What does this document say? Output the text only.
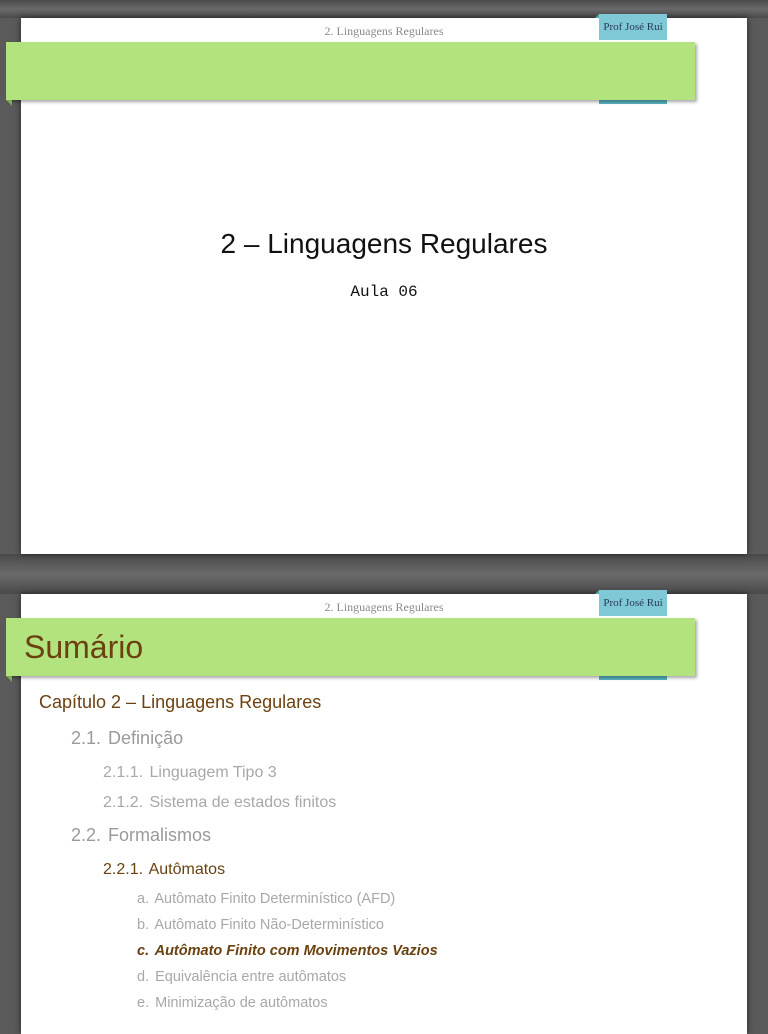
2. Linguagens Regulares	Prof José Rui
2 – Linguagens Regulares
Aula 06
2. Linguagens Regulares
Sumário
Prof José Rui
Capítulo 2 – Linguagens Regulares
2.1. Definição
2.1.1. Linguagem Tipo 3
2.1.2. Sistema de estados finitos
2.2. Formalismos
2.2.1. Autômatos
a. Autômato Finito Determinístico (AFD)
b. Autômato Finito Não-Determinístico
c. Autômato Finito com Movimentos Vazios
d. Equivalência entre autômatos
e. Minimização de autômatos
